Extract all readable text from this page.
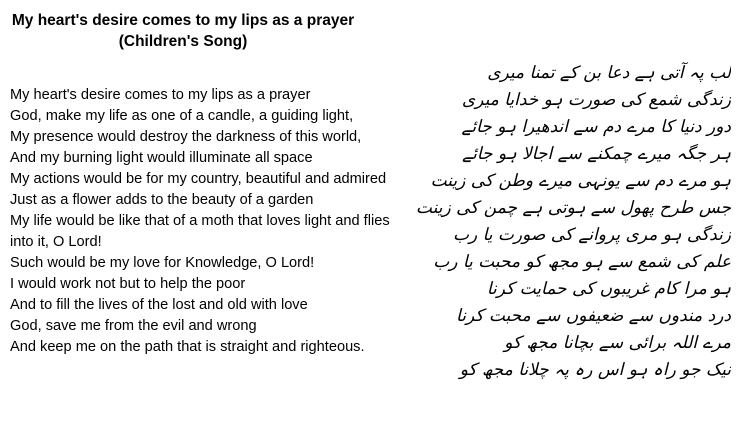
My heart's desire comes to my lips as a prayer
(Children's Song)
My heart's desire comes to my lips as a prayer
God, make my life as one of a candle, a guiding light,
My presence would destroy the darkness of this world,
And my burning light would illuminate all space
My actions would be for my country, beautiful and admired
Just as a flower adds to the beauty of a garden
My life would be like that of a moth that loves light and flies into it, O Lord!
Such would be my love for Knowledge, O Lord!
I would work not but to help the poor
And to fill the lives of the lost and old with love
God, save me from the evil and wrong
And keep me on the path that is straight and righteous.
لب پہ آتی ہے دعا بن کے تمنا میری
زندگی شمع کی صورت ہو خدایا میری
دور دنیا کا مرے دم سے اندھیرا ہو جائے
ہر جگہ میرے چمکنے سے اجالا ہو جائے
ہو مرے دم سے یونہی میرے وطن کی زینت
جس طرح پھول سے ہوتی ہے چمن کی زینت
زندگی ہو مری پروانے کی صورت یا رب
علم کی شمع سے ہو مجھ کو محبت یا رب
ہو مرا کام غریبوں کی حمایت کرنا
درد مندوں سے ضعیفوں سے محبت کرنا
مرے اللہ برائی سے بچانا مجھ کو
نیک جو راہ ہو اس رہ پہ چلانا مجھ کو
